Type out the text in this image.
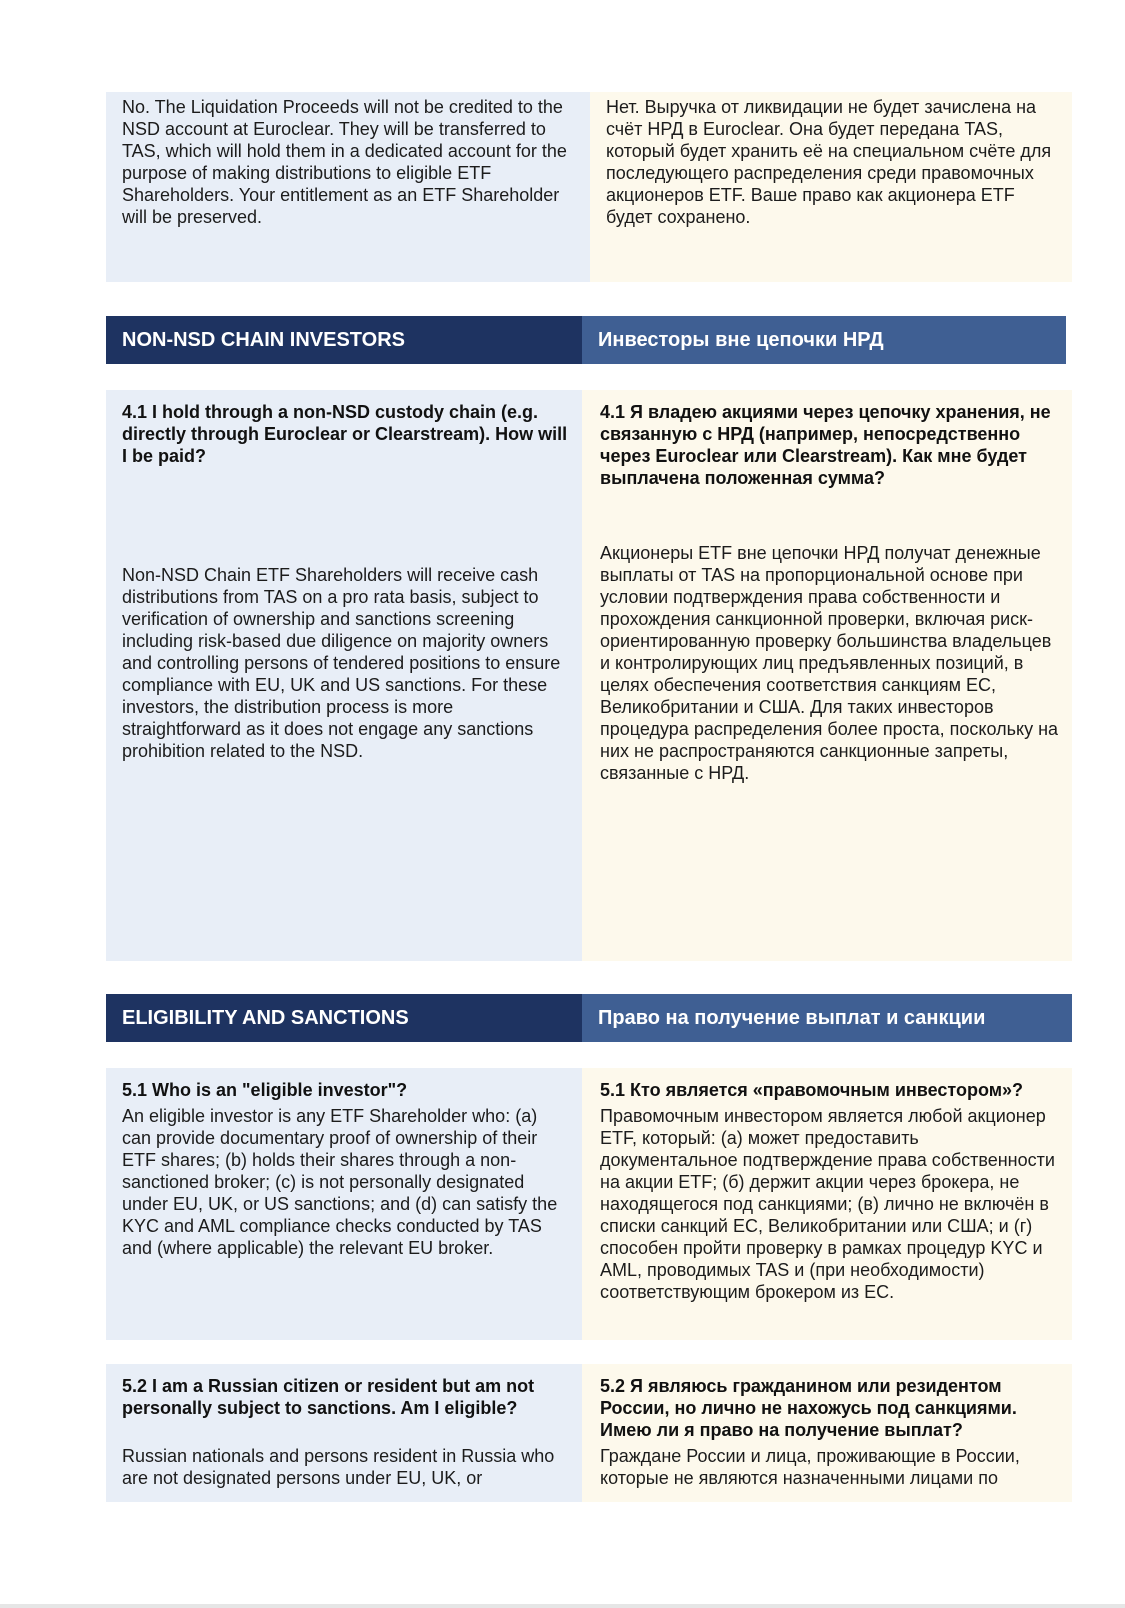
No. The Liquidation Proceeds will not be credited to the NSD account at Euroclear. They will be transferred to TAS, which will hold them in a dedicated account for the purpose of making distributions to eligible ETF Shareholders. Your entitlement as an ETF Shareholder will be preserved.

Нет. Выручка от ликвидации не будет зачислена на счёт НРД в Euroclear. Она будет передана TAS, который будет хранить её на специальном счёте для последующего распределения среди правомочных акционеров ETF. Ваше право как акционера ETF будет сохранено.

NON-NSD CHAIN INVESTORS	Инвесторы вне цепочки НРД

4.1 I hold through a non-NSD custody chain (e.g. directly through Euroclear or Clearstream). How will I be paid?

Non-NSD Chain ETF Shareholders will receive cash distributions from TAS on a pro rata basis, subject to verification of ownership and sanctions screening including risk-based due diligence on majority owners and controlling persons of tendered positions to ensure compliance with EU, UK and US sanctions. For these investors, the distribution process is more straightforward as it does not engage any sanctions prohibition related to the NSD.

4.1 Я владею акциями через цепочку хранения, не связанную с НРД (например, непосредственно через Euroclear или Clearstream). Как мне будет выплачена положенная сумма?

Акционеры ETF вне цепочки НРД получат денежные выплаты от TAS на пропорциональной основе при условии подтверждения права собственности и прохождения санкционной проверки, включая риск-ориентированную проверку большинства владельцев и контролирующих лиц предъявленных позиций, в целях обеспечения соответствия санкциям ЕС, Великобритании и США. Для таких инвесторов процедура распределения более проста, поскольку на них не распространяются санкционные запреты, связанные с НРД.

ELIGIBILITY AND SANCTIONS	Право на получение выплат и санкции

5.1 Who is an "eligible investor"?

An eligible investor is any ETF Shareholder who: (a) can provide documentary proof of ownership of their ETF shares; (b) holds their shares through a non-sanctioned broker; (c) is not personally designated under EU, UK, or US sanctions; and (d) can satisfy the KYC and AML compliance checks conducted by TAS and (where applicable) the relevant EU broker.

5.1 Кто является «правомочным инвестором»?

Правомочным инвестором является любой акционер ETF, который: (а) может предоставить документальное подтверждение права собственности на акции ETF; (б) держит акции через брокера, не находящегося под санкциями; (в) лично не включён в списки санкций ЕС, Великобритании или США; и (г) способен пройти проверку в рамках процедур KYC и AML, проводимых TAS и (при необходимости) соответствующим брокером из ЕС.

5.2 I am a Russian citizen or resident but am not personally subject to sanctions. Am I eligible?

Russian nationals and persons resident in Russia who are not designated persons under EU, UK, or

5.2 Я являюсь гражданином или резидентом России, но лично не нахожусь под санкциями. Имею ли я право на получение выплат?

Граждане России и лица, проживающие в России, которые не являются назначенными лицами по
